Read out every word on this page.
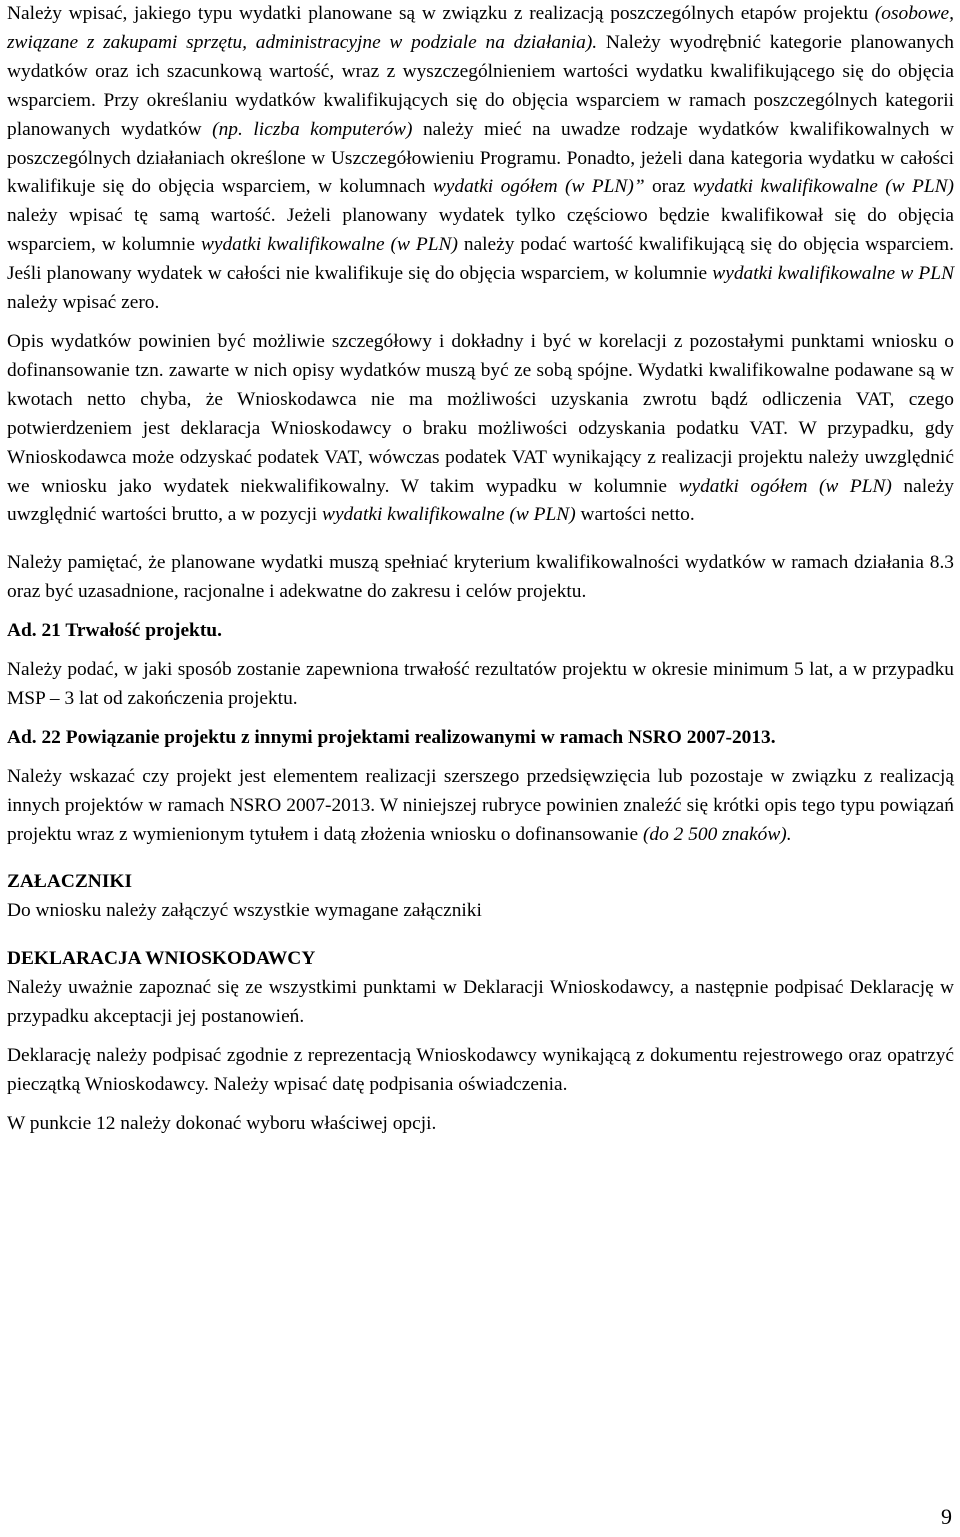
Należy wpisać, jakiego typu wydatki planowane są w związku z realizacją poszczególnych etapów projektu (osobowe, związane z zakupami sprzętu, administracyjne w podziale na działania). Należy wyodrębnić kategorie planowanych wydatków oraz ich szacunkową wartość, wraz z wyszczególnieniem wartości wydatku kwalifikującego się do objęcia wsparciem. Przy określaniu wydatków kwalifikujących się do objęcia wsparciem w ramach poszczególnych kategorii planowanych wydatków (np. liczba komputerów) należy mieć na uwadze rodzaje wydatków kwalifikowalnych w poszczególnych działaniach określone w Uszczegółowieniu Programu. Ponadto, jeżeli dana kategoria wydatku w całości kwalifikuje się do objęcia wsparciem, w kolumnach wydatki ogółem (w PLN)” oraz wydatki kwalifikowalne (w PLN) należy wpisać tę samą wartość. Jeżeli planowany wydatek tylko częściowo będzie kwalifikował się do objęcia wsparciem, w kolumnie wydatki kwalifikowalne (w PLN) należy podać wartość kwalifikującą się do objęcia wsparciem. Jeśli planowany wydatek w całości nie kwalifikuje się do objęcia wsparciem, w kolumnie wydatki kwalifikowalne w PLN należy wpisać zero.

Opis wydatków powinien być możliwie szczegółowy i dokładny i być w korelacji z pozostałymi punktami wniosku o dofinansowanie tzn. zawarte w nich opisy wydatków muszą być ze sobą spójne. Wydatki kwalifikowalne podawane są w kwotach netto chyba, że Wnioskodawca nie ma możliwości uzyskania zwrotu bądź odliczenia VAT, czego potwierdzeniem jest deklaracja Wnioskodawcy o braku możliwości odzyskania podatku VAT. W przypadku, gdy Wnioskodawca może odzyskać podatek VAT, wówczas podatek VAT wynikający z realizacji projektu należy uwzględnić we wniosku jako wydatek niekwalifikowalny. W takim wypadku w kolumnie wydatki ogółem (w PLN) należy uwzględnić wartości brutto, a w pozycji wydatki kwalifikowalne (w PLN) wartości netto.

Należy pamiętać, że planowane wydatki muszą spełniać kryterium kwalifikowalności wydatków w ramach działania 8.3 oraz być uzasadnione, racjonalne i adekwatne do zakresu i celów projektu.

Ad. 21 Trwałość projektu.

Należy podać, w jaki sposób zostanie zapewniona trwałość rezultatów projektu w okresie minimum 5 lat, a w przypadku MSP – 3 lat od zakończenia projektu.

Ad. 22 Powiązanie projektu z innymi projektami realizowanymi w ramach NSRO 2007-2013.

Należy wskazać czy projekt jest elementem realizacji szerszego przedsięwzięcia lub pozostaje w związku z realizacją innych projektów w ramach NSRO 2007-2013. W niniejszej rubryce powinien znaleźć się krótki opis tego typu powiązań projektu wraz z wymienionym tytułem i datą złożenia wniosku o dofinansowanie (do 2 500 znaków).

ZAŁACZNIKI

Do wniosku należy załączyć wszystkie wymagane załączniki

DEKLARACJA WNIOSKODAWCY

Należy uważnie zapoznać się ze wszystkimi punktami w Deklaracji Wnioskodawcy, a następnie podpisać Deklarację w przypadku akceptacji jej postanowień.

Deklarację należy podpisać zgodnie z reprezentacją Wnioskodawcy wynikającą z dokumentu rejestrowego oraz opatrzyć pieczątką Wnioskodawcy. Należy wpisać datę podpisania oświadczenia.

W punkcie 12 należy dokonać wyboru właściwej opcji.

9
